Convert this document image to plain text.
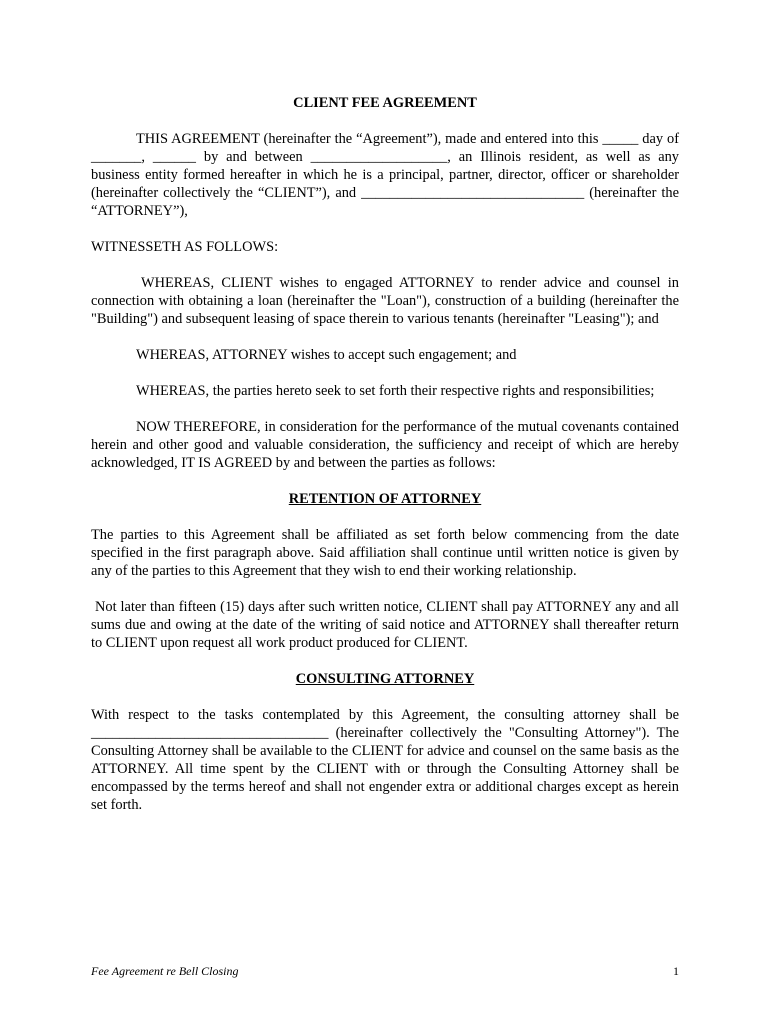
CLIENT FEE AGREEMENT

THIS AGREEMENT (hereinafter the “Agreement”), made and entered into this _____ day of _______, ______ by and between ___________________, an Illinois resident, as well as any business entity formed hereafter in which he is a principal, partner, director, officer or shareholder (hereinafter collectively the “CLIENT”), and _______________________________ (hereinafter the “ATTORNEY”),

WITNESSETH AS FOLLOWS:

WHEREAS, CLIENT wishes to engaged ATTORNEY to render advice and counsel in connection with obtaining a loan (hereinafter the "Loan"), construction of a building (hereinafter the "Building") and subsequent leasing of space therein to various tenants (hereinafter "Leasing"); and

WHEREAS, ATTORNEY wishes to accept such engagement; and

WHEREAS, the parties hereto seek to set forth their respective rights and responsibilities;

NOW THEREFORE, in consideration for the performance of the mutual covenants contained herein and other good and valuable consideration, the sufficiency and receipt of which are hereby acknowledged, IT IS AGREED by and between the parties as follows:

RETENTION OF ATTORNEY

The parties to this Agreement shall be affiliated as set forth below commencing from the date specified in the first paragraph above. Said affiliation shall continue until written notice is given by any of the parties to this Agreement that they wish to end their working relationship.

Not later than fifteen (15) days after such written notice, CLIENT shall pay ATTORNEY any and all sums due and owing at the date of the writing of said notice and ATTORNEY shall thereafter return to CLIENT upon request all work product produced for CLIENT.

CONSULTING ATTORNEY

With respect to the tasks contemplated by this Agreement, the consulting attorney shall be _________________________________ (hereinafter collectively the "Consulting Attorney"). The Consulting Attorney shall be available to the CLIENT for advice and counsel on the same basis as the ATTORNEY. All time spent by the CLIENT with or through the Consulting Attorney shall be encompassed by the terms hereof and shall not engender extra or additional charges except as herein set forth.

Fee Agreement re Bell Closing	1
